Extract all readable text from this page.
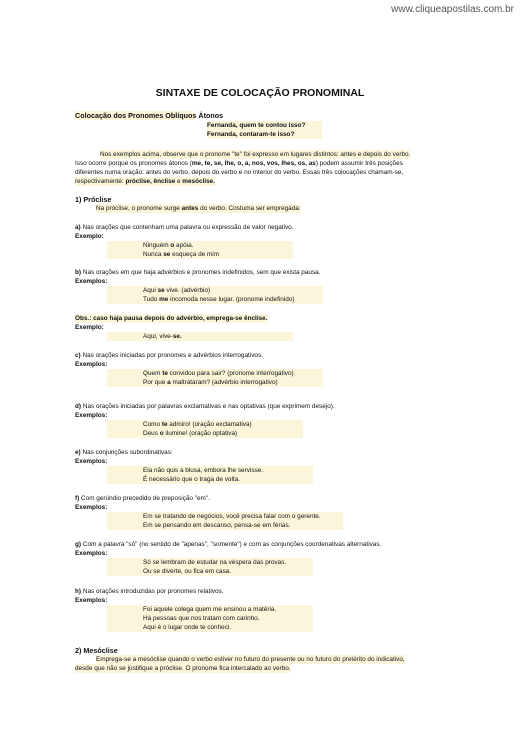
www.cliqueapostilas.com.br
SINTAXE DE COLOCAÇÃO PRONOMINAL
Colocação dos Pronomes Oblíquos Átonos
Fernanda, quem te contou isso?
Fernanda, contaram-te isso?
Nos exemplos acima, observe que o pronome "te" foi expresso em lugares distintos: antes e depois do verbo.
Isso ocorre porque os pronomes átonos (me, te, se, lhe, o, a, nos, vos, lhes, os, as) podem assumir três posições
diferentes numa oração: antes do verbo, depois do verbo e no interior do verbo. Essas três colocações chamam-se,
respectivamente: próclise, ênclise e mesóclise.
1) Próclise
Na próclise, o pronome surge antes do verbo. Costuma ser empregada:
a) Nas orações que contenham uma palavra ou expressão de valor negativo.
Exemplo:
Ninguém o apóia.
Nunca se esqueça de mim
b) Nas orações em que haja advérbios e pronomes indefinidos, sem que exista pausa.
Exemplos:
Aqui se vive. (advérbio)
Tudo me incomoda nesse lugar. (pronome indefinido)
Obs.: caso haja pausa depois do advérbio, emprega-se ênclise.
Exemplo:
Aqui, vive-se.
c) Nas orações iniciadas por pronomes e advérbios interrogativos.
Exemplos:
Quem te convidou para sair? (pronome interrogativo)
Por que a maltrataram? (advérbio interrogativo)
d) Nas orações iniciadas por palavras exclamativas e nas optativas (que exprimem desejo).
Exemplos:
Como te admiro! (oração exclamativa)
Deus o ilumine! (oração optativa)
e) Nas conjunções subordinativas:
Exemplos:
Ela não quis a blusa, embora lhe servisse.
É necessário que o traga de volta.
f) Com gerúndio precedido de preposição "em".
Exemplos:
Em se tratando de negócios, você precisa falar com o gerente.
Em se pensando em descanso, pensa-se em férias.
g) Com a palavra "só" (no sentido de "apenas", "somente") e com as conjunções coordenativas alternativas.
Exemplos:
Só se lembram de estudar na véspera das provas.
Ou se diverte, ou fica em casa.
h) Nas orações introduzidas por pronomes relativos.
Exemplos:
Foi aquele colega quem me ensinou a matéria.
Há pessoas que nos tratam com carinho.
Aqui é o lugar onde te conheci.
2) Mesóclise
Emprega-se a mesóclise quando o verbo estiver no futuro do presente ou no futuro do pretérito do indicativo,
desde que não se justifique a próclise. O pronome fica intercalado ao verbo.
